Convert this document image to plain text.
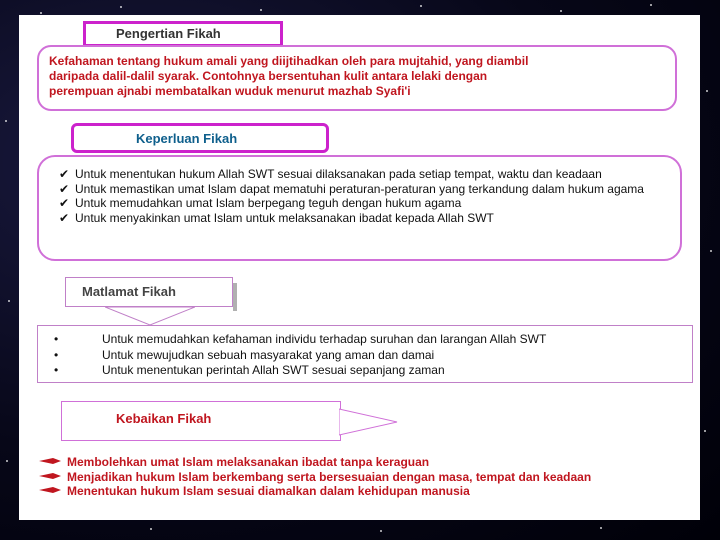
Pengertian Fikah

Kefahaman tentang hukum amali yang diijtihadkan oleh para mujtahid, yang diambil

daripada dalil-dalil syarak. Contohnya bersentuhan kulit antara lelaki dengan

perempuan ajnabi membatalkan wuduk menurut mazhab Syafi'i

Keperluan Fikah
✔ Untuk menentukan hukum Allah SWT sesuai dilaksanakan pada setiap tempat, waktu dan keadaan
✔ Untuk memastikan umat Islam dapat mematuhi peraturan-peraturan yang terkandung dalam hukum agama
✔ Untuk memudahkan umat Islam berpegang teguh dengan hukum agama
✔ Untuk menyakinkan umat Islam untuk melaksanakan ibadat kepada Allah SWT
Matlamat Fikah
•	Untuk memudahkan kefahaman individu terhadap suruhan dan larangan Allah SWT
•	Untuk mewujudkan sebuah masyarakat yang aman dan damai
•	Untuk menentukan perintah Allah SWT sesuai sepanjang zaman
Kebaikan Fikah
Membolehkan umat Islam melaksanakan ibadat tanpa keraguan
Menjadikan hukum Islam berkembang serta bersesuaian dengan masa, tempat dan keadaan
Menentukan hukum Islam sesuai diamalkan dalam kehidupan manusia
